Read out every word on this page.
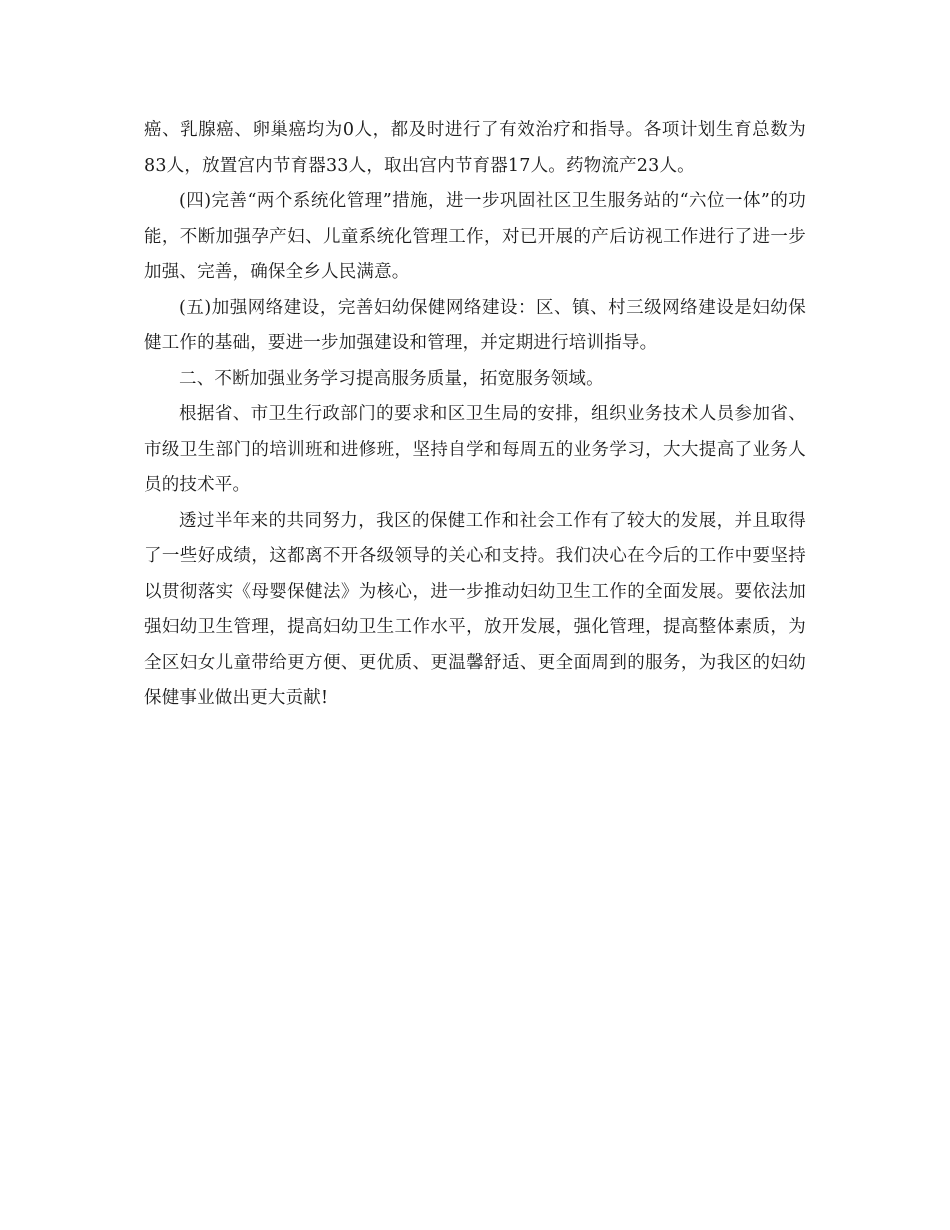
癌、乳腺癌、卵巢癌均为0人，都及时进行了有效治疗和指导。各项计划生育总数为83人，放置宫内节育器33人，取出宫内节育器17人。药物流产23人。

(四)完善“两个系统化管理”措施，进一步巩固社区卫生服务站的“六位一体”的功能，不断加强孕产妇、儿童系统化管理工作，对已开展的产后访视工作进行了进一步加强、完善，确保全乡人民满意。

(五)加强网络建设，完善妇幼保健网络建设：区、镇、村三级网络建设是妇幼保健工作的基础，要进一步加强建设和管理，并定期进行培训指导。

二、不断加强业务学习提高服务质量，拓宽服务领域。

根据省、市卫生行政部门的要求和区卫生局的安排，组织业务技术人员参加省、市级卫生部门的培训班和进修班，坚持自学和每周五的业务学习，大大提高了业务人员的技术平。

透过半年来的共同努力，我区的保健工作和社会工作有了较大的发展，并且取得了一些好成绩，这都离不开各级领导的关心和支持。我们决心在今后的工作中要坚持以贯彻落实《母婴保健法》为核心，进一步推动妇幼卫生工作的全面发展。要依法加强妇幼卫生管理，提高妇幼卫生工作水平，放开发展，强化管理，提高整体素质，为全区妇女儿童带给更方便、更优质、更温馨舒适、更全面周到的服务，为我区的妇幼保健事业做出更大贡献!
